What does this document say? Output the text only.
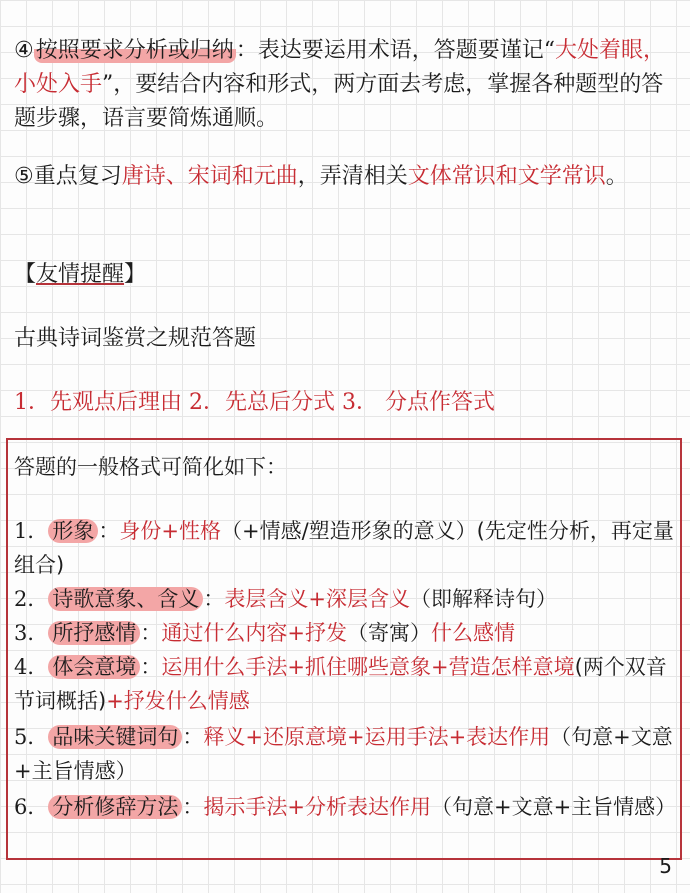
④按照要求分析或归纳：表达要运用术语，答题要谨记“大处着眼，小处入手”，要结合内容和形式，两方面去考虑，掌握各种题型的答题步骤，语言要简炼通顺。

⑤重点复习唐诗、宋词和元曲，弄清相关文体常识和文学常识。

【友情提醒】

古典诗词鉴赏之规范答题

1．先观点后理由 2．先总后分式 3． 分点作答式

答题的一般格式可简化如下：

1． 形象 ：身份+性格（+情感/塑造形象的意义）(先定性分析，再定量组合)

2． 诗歌意象、含义 ：表层含义+深层含义（即解释诗句）

3． 所抒感情 ：通过什么内容+抒发（寄寓）什么感情

4． 体会意境 ：运用什么手法+抓住哪些意象+营造怎样意境(两个双音节词概括)+抒发什么情感

5． 品味关键词句 ：释义+还原意境+运用手法+表达作用（句意+文意+主旨情感）

6． 分析修辞方法 ：揭示手法+分析表达作用（句意+文意+主旨情感）

5
